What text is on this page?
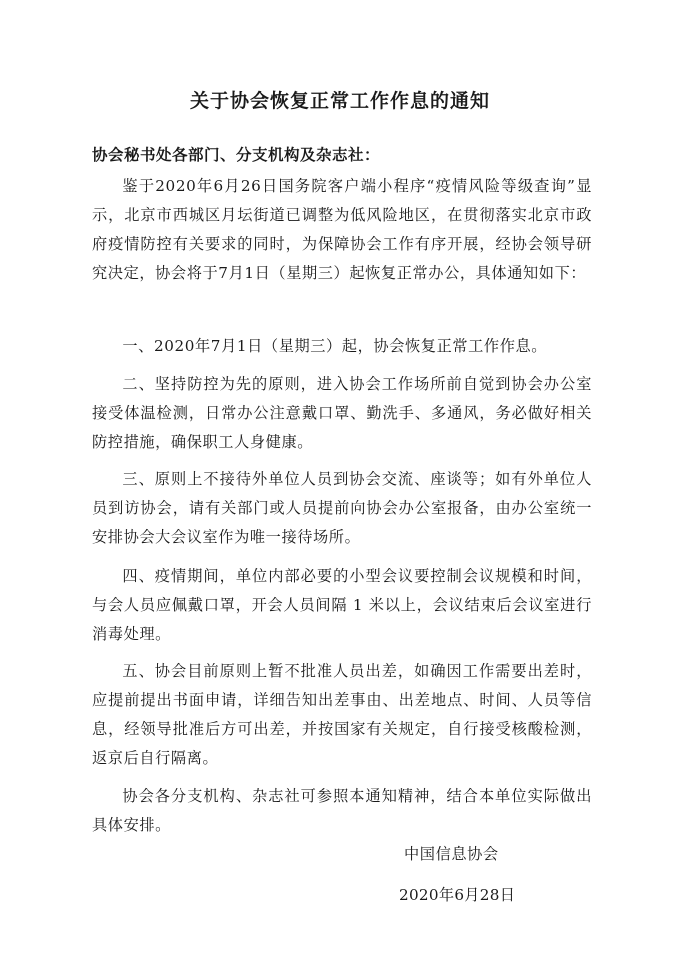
关于协会恢复正常工作作息的通知
协会秘书处各部门、分支机构及杂志社：

鉴于2020年6月26日国务院客户端小程序“疫情风险等级查询”显示，北京市西城区月坛街道已调整为低风险地区，在贯彻落实北京市政府疫情防控有关要求的同时，为保障协会工作有序开展，经协会领导研究决定，协会将于7月1日（星期三）起恢复正常办公，具体通知如下：

一、2020年7月1日（星期三）起，协会恢复正常工作作息。

二、坚持防控为先的原则，进入协会工作场所前自觉到协会办公室接受体温检测，日常办公注意戴口罩、勤洗手、多通风，务必做好相关防控措施，确保职工人身健康。

三、原则上不接待外单位人员到协会交流、座谈等；如有外单位人员到访协会，请有关部门或人员提前向协会办公室报备，由办公室统一安排协会大会议室作为唯一接待场所。

四、疫情期间，单位内部必要的小型会议要控制会议规模和时间， 与会人员应佩戴口罩，开会人员间隔 1 米以上，会议结束后会议室进行消毒处理。

五、协会目前原则上暂不批准人员出差，如确因工作需要出差时， 应提前提出书面申请，详细告知出差事由、出差地点、时间、人员等信息，经领导批准后方可出差，并按国家有关规定，自行接受核酸检测，返京后自行隔离。

协会各分支机构、杂志社可参照本通知精神，结合本单位实际做出具体安排。

中国信息协会
2020年6月28日
